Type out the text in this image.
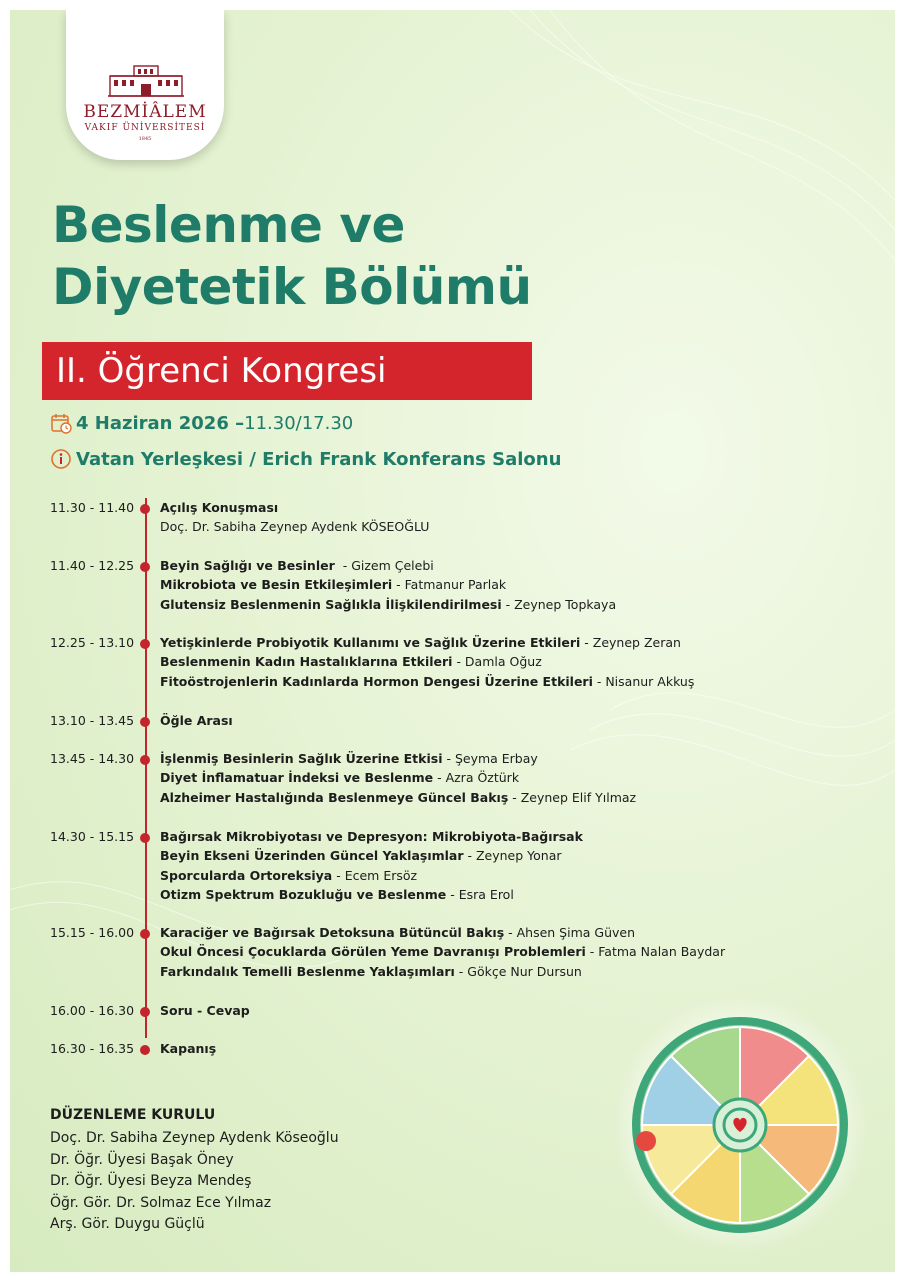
BEZMİÂLEM
VAKIF ÜNİVERSİTESİ
1845
Beslenme ve
Diyetetik Bölümü
II. Öğrenci Kongresi
4 Haziran 2026 – 11.30/17.30
Vatan Yerleşkesi / Erich Frank Konferans Salonu
11.30 - 11.40 Açılış Konuşması
Doç. Dr. Sabiha Zeynep Aydenk KÖSEOĞLU
11.40 - 12.25 Beyin Sağlığı ve Besinler  - Gizem Çelebi
Mikrobiota ve Besin Etkileşimleri - Fatmanur Parlak
Glutensiz Beslenmenin Sağlıkla İlişkilendirilmesi - Zeynep Topkaya
12.25 - 13.10 Yetişkinlerde Probiyotik Kullanımı ve Sağlık Üzerine Etkileri - Zeynep Zeran
Beslenmenin Kadın Hastalıklarına Etkileri - Damla Oğuz
Fitoöstrojenlerin Kadınlarda Hormon Dengesi Üzerine Etkileri - Nisanur Akkuş
13.10 - 13.45 Öğle Arası
13.45 - 14.30 İşlenmiş Besinlerin Sağlık Üzerine Etkisi - Şeyma Erbay
Diyet İnflamatuar İndeksi ve Beslenme - Azra Öztürk
Alzheimer Hastalığında Beslenmeye Güncel Bakış - Zeynep Elif Yılmaz
14.30 - 15.15 Bağırsak Mikrobiyotası ve Depresyon: Mikrobiyota-Bağırsak
Beyin Ekseni Üzerinden Güncel Yaklaşımlar - Zeynep Yonar
Sporcularda Ortoreksiya - Ecem Ersöz
Otizm Spektrum Bozukluğu ve Beslenme - Esra Erol
15.15 - 16.00 Karaciğer ve Bağırsak Detoksuna Bütüncül Bakış - Ahsen Şima Güven
Okul Öncesi Çocuklarda Görülen Yeme Davranışı Problemleri - Fatma Nalan Baydar
Farkındalık Temelli Beslenme Yaklaşımları - Gökçe Nur Dursun
16.00 - 16.30 Soru - Cevap
16.30 - 16.35 Kapanış
DÜZENLEME KURULU
Doç. Dr. Sabiha Zeynep Aydenk Köseoğlu
Dr. Öğr. Üyesi Başak Öney
Dr. Öğr. Üyesi Beyza Mendeş
Öğr. Gör. Dr. Solmaz Ece Yılmaz
Arş. Gör. Duygu Güçlü
